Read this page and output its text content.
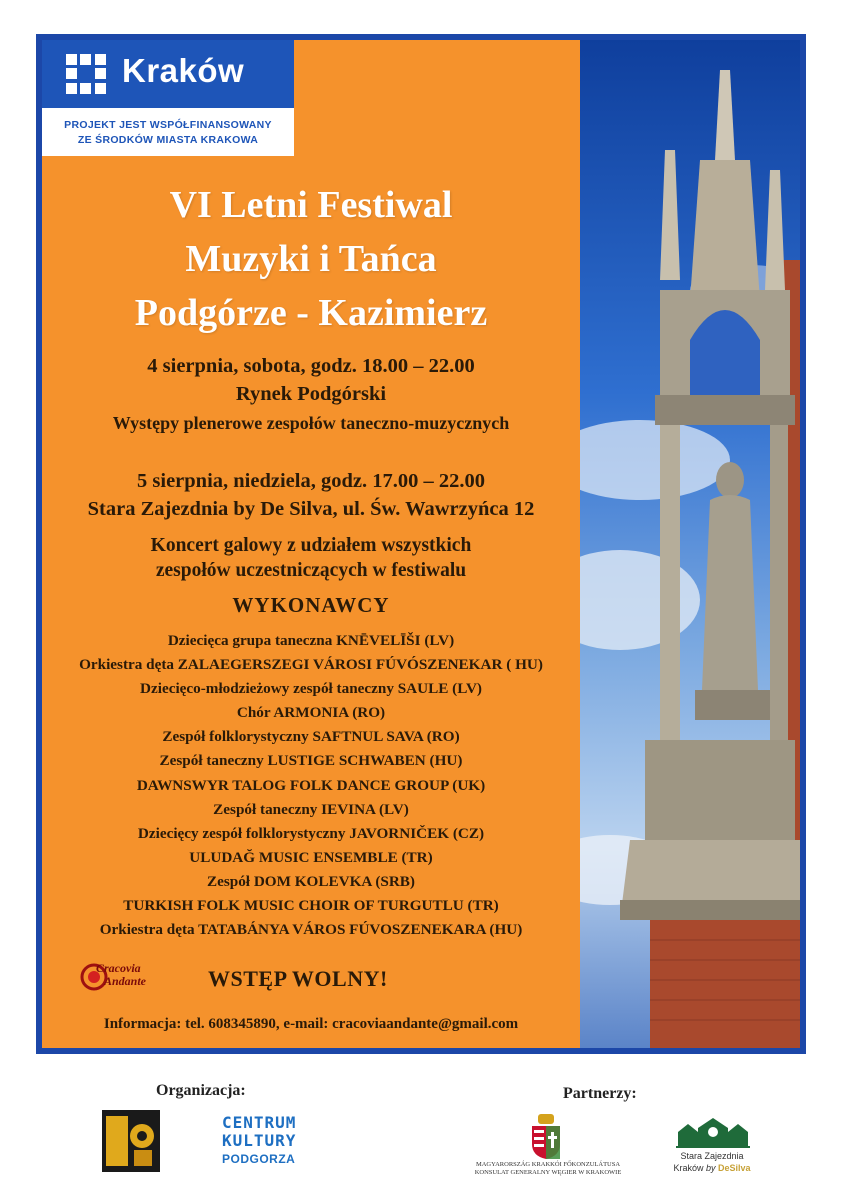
Kraków
PROJEKT JEST WSPÓŁFINANSOWANY
ZE ŚRODKÓW MIASTA KRAKOWA
VI Letni Festiwal
Muzyki i Tańca
Podgórze - Kazimierz
4 sierpnia, sobota, godz. 18.00 – 22.00
Rynek Podgórski
Występy plenerowe zespołów taneczno-muzycznych
5 sierpnia, niedziela, godz. 17.00 – 22.00
Stara Zajezdnia by De Silva, ul. Św. Wawrzyńca 12
Koncert galowy z udziałem wszystkich
zespołów uczestniczących w festiwalu
WYKONAWCY
Dziecięca grupa taneczna KNĒVELĪŠI (LV)
Orkiestra dęta ZALAEGERSZEGI VÁROSI FÚVÓSZENEKAR ( HU)
Dziecięco-młodzieżowy zespół taneczny SAULE (LV)
Chór ARMONIA (RO)
Zespół folklorystyczny SAFTNUL SAVA (RO)
Zespół taneczny LUSTIGE SCHWABEN (HU)
DAWNSWYR TALOG FOLK DANCE GROUP (UK)
Zespół taneczny IEVINA (LV)
Dziecięcy zespół folklorystyczny JAVORNIČEK (CZ)
ULUDAĞ MUSIC ENSEMBLE (TR)
Zespół DOM KOLEVKA (SRB)
TURKISH FOLK MUSIC CHOIR OF TURGUTLU (TR)
Orkiestra dęta TATABÁNYA VÁROS FÚVOSZENEKARA (HU)
Cracovia
Andante	WSTĘP WOLNY!
Informacja: tel. 608345890, e-mail: cracoviaandante@gmail.com
Organizacja:	Partnerzy:
CENTRUM
KULTURY
PODGORZA	MAGYARORSZÁG KRAKKÓI FŐKONZULÁTUSA
KONSULAT GENERALNY WĘGIER W KRAKOWIE
Stara Zajezdnia
Kraków by DeSilva
